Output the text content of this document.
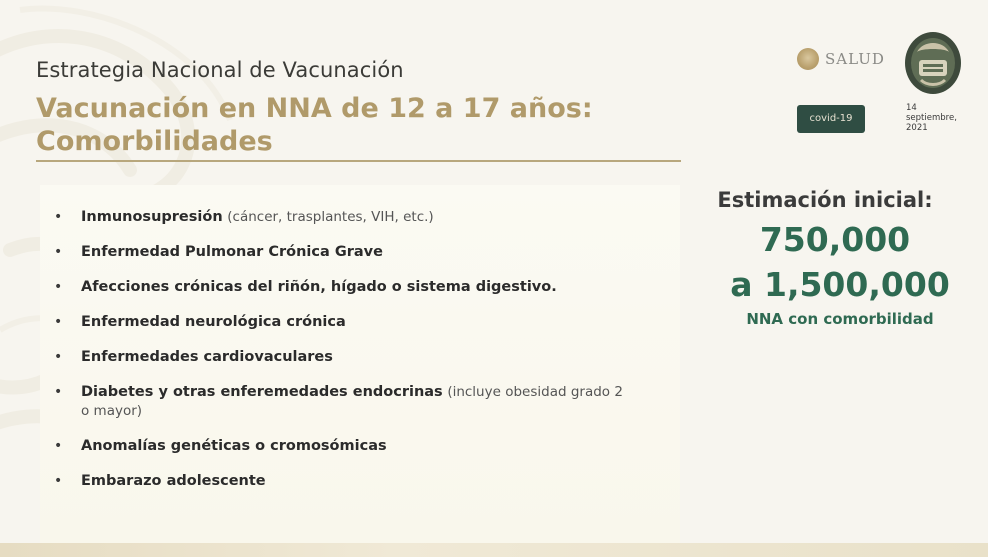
Estrategia Nacional de Vacunación
Vacunación en NNA de 12 a 17 años:
Comorbilidades
• Inmunosupresión (cáncer, trasplantes, VIH, etc.)
• Enfermedad Pulmonar Crónica Grave
• Afecciones crónicas del riñón, hígado o sistema digestivo.
• Enfermedad neurológica crónica
• Enfermedades cardiovaculares
• Diabetes y otras enferemedades endocrinas (incluye obesidad grado 2 o mayor)
• Anomalías genéticas o cromosómicas
• Embarazo adolescente
SALUD
covid-19
14
septiembre,
2021
Estimación inicial:
750,000
a 1,500,000
NNA con comorbilidad
